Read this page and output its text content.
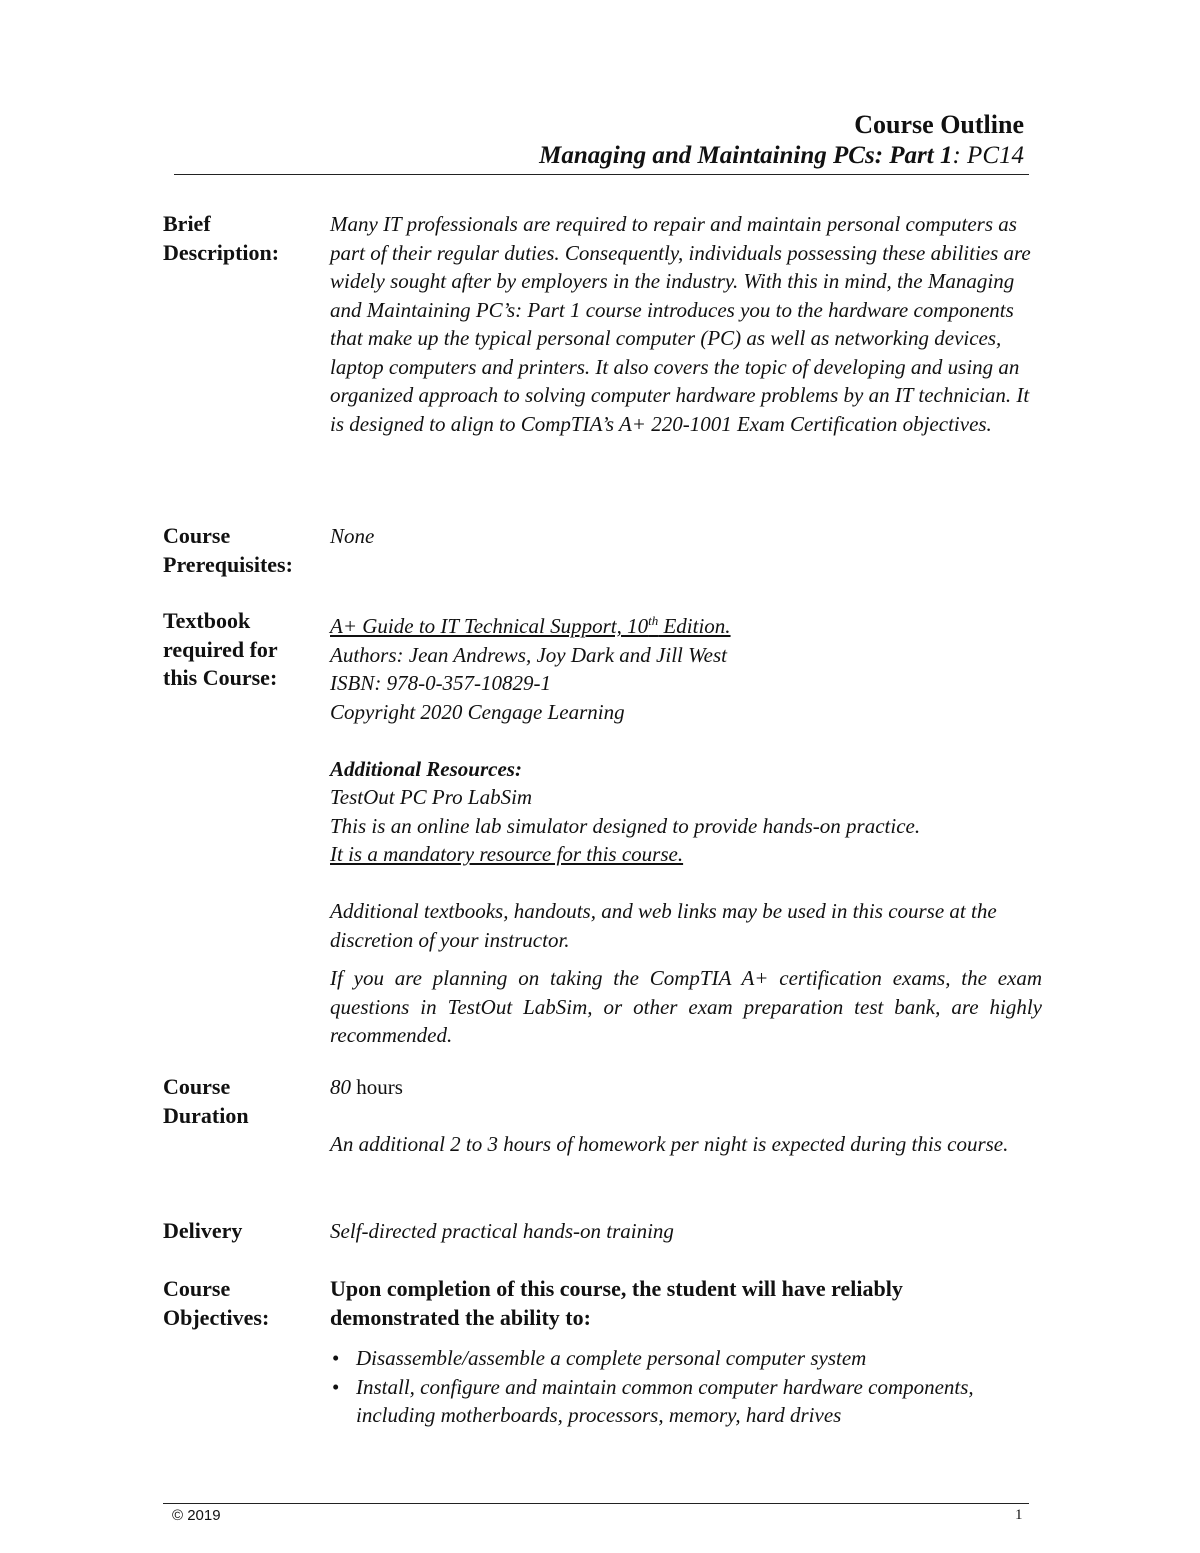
Course Outline
Managing and Maintaining PCs: Part 1: PC14
Brief
Description:

Many IT professionals are required to repair and maintain personal computers as part of their regular duties. Consequently, individuals possessing these abilities are widely sought after by employers in the industry. With this in mind, the Managing and Maintaining PC’s: Part 1 course introduces you to the hardware components that make up the typical personal computer (PC) as well as networking devices, laptop computers and printers. It also covers the topic of developing and using an organized approach to solving computer hardware problems by an IT technician. It is designed to align to CompTIA’s A+ 220-1001 Exam Certification objectives.

Course
Prerequisites:

None

Textbook
required for
this Course:

A+ Guide to IT Technical Support, 10th Edition.

Authors: Jean Andrews, Joy Dark and Jill West

ISBN: 978-0-357-10829-1

Copyright 2020 Cengage Learning

Additional Resources:

TestOut PC Pro LabSim

This is an online lab simulator designed to provide hands-on practice.

It is a mandatory resource for this course.

Additional textbooks, handouts, and web links may be used in this course at the discretion of your instructor.

If you are planning on taking the CompTIA A+ certification exams, the exam questions in TestOut LabSim, or other exam preparation test bank, are highly recommended.

Course
Duration

80 hours

An additional 2 to 3 hours of homework per night is expected during this course.

Delivery	Self-directed practical hands-on training

Course
Objectives:

Upon completion of this course, the student will have reliably
demonstrated the ability to:

• Disassemble/assemble a complete personal computer system
• Install, configure and maintain common computer hardware components, including motherboards, processors, memory, hard drives
© 2019	1
